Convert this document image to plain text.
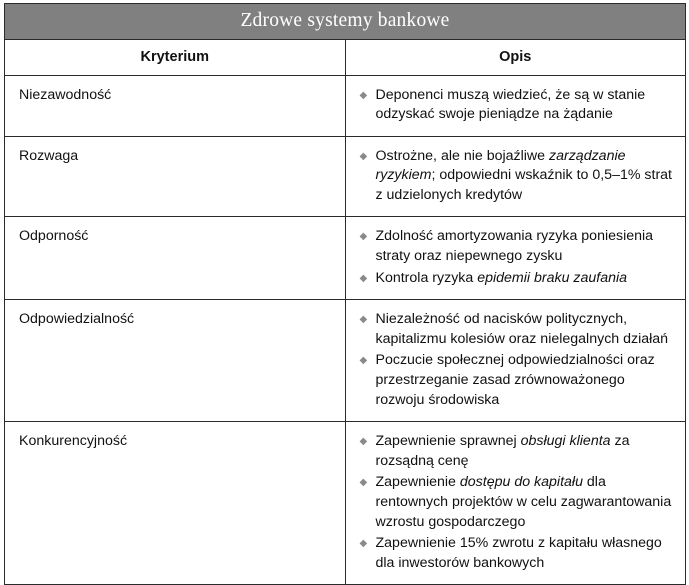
Zdrowe systemy bankowe	

Kryterium	Opis
Niezawodność	◆ Deponenci muszą wiedzieć, że są w stanie odzyskać swoje pieniądze na żądanie

Rozwaga	◆ Ostrożne, ale nie bojaźliwe zarządzanie ryzykiem; odpowiedni wskaźnik to 0,5–1% strat z udzielonych kredytów

Odporność	◆ Zdolność amortyzowania ryzyka poniesienia straty oraz niepewnego zysku
◆ Kontrola ryzyka epidemii braku zaufania

Odpowiedzialność	◆ Niezależność od nacisków politycznych, kapitalizmu kolesiów oraz nielegalnych działań
◆ Poczucie społecznej odpowiedzialności oraz przestrzeganie zasad zrównoważonego rozwoju środowiska

Konkurencyjność	◆ Zapewnienie sprawnej obsługi klienta za rozsądną cenę
◆ Zapewnienie dostępu do kapitału dla rentownych projektów w celu zagwarantowania wzrostu gospodarczego
◆ Zapewnienie 15% zwrotu z kapitału własnego dla inwestorów bankowych
